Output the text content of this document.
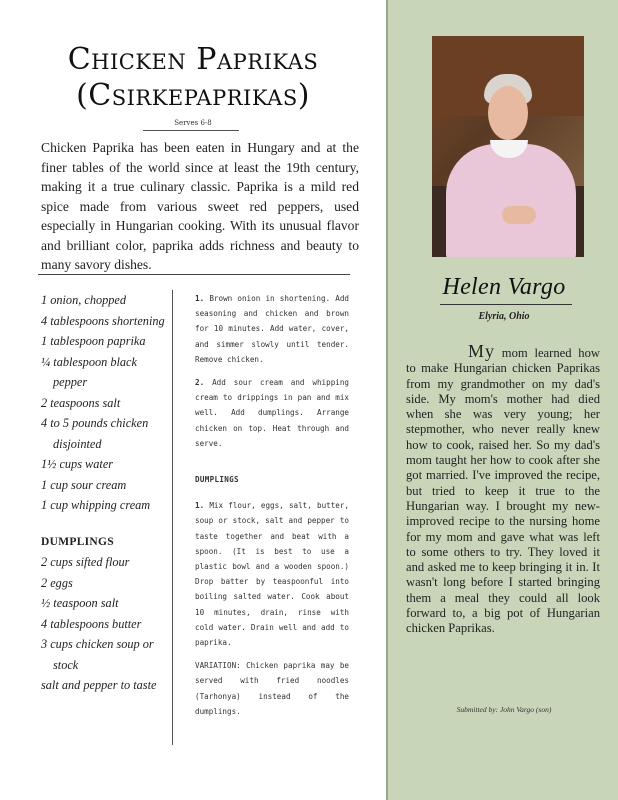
Chicken Paprikas
(Csirkepaprikas)
Serves 6-8
Chicken Paprika has been eaten in Hungary and at the finer tables of the world since at least the 19th century, making it a true culinary classic. Paprika is a mild red spice made from various sweet red peppers, used especially in Hungarian cooking. With its unusual flavor and brilliant color, paprika adds richness and beauty to many savory dishes.
1 onion, chopped
4 tablespoons shortening
1 tablespoon paprika
¼ tablespoon black pepper
2 teaspoons salt
4 to 5 pounds chicken disjointed
1½ cups water
1 cup sour cream
1 cup whipping cream
DUMPLINGS
2 cups sifted flour
2 eggs
½ teaspoon salt
4 tablespoons butter
3 cups chicken soup or stock
salt and pepper to taste

1. Brown onion in shortening. Add seasoning and chicken and brown for 10 minutes. Add water, cover, and simmer slowly until tender. Remove chicken.

2. Add sour cream and whipping cream to drippings in pan and mix well. Add dumplings. Arrange chicken on top. Heat through and serve.

DUMPLINGS

1. Mix flour, eggs, salt, butter, soup or stock, salt and pepper to taste together and beat with a spoon. (It is best to use a plastic bowl and a wooden spoon.) Drop batter by teaspoonful into boiling salted water. Cook about 10 minutes, drain, rinse with cold water. Drain well and add to paprika.

VARIATION: Chicken paprika may be served with fried noodles (Tarhonya) instead of the dumplings.

Helen Vargo
Elyria, Ohio
My mom learned how to make Hungarian chicken Paprikas from my grandmother on my dad's side. My mom's mother had died when she was very young; her stepmother, who never really knew how to cook, raised her. So my dad's mom taught her how to cook after she got married. I've improved the recipe, but tried to keep it true to the Hungarian way. I brought my new-improved recipe to the nursing home for my mom and gave what was left to some others to try. They loved it and asked me to keep bringing it in. It wasn't long before I started bringing them a meal they could all look forward to, a big pot of Hungarian chicken Paprikas.
Submitted by: John Vargo (son)
